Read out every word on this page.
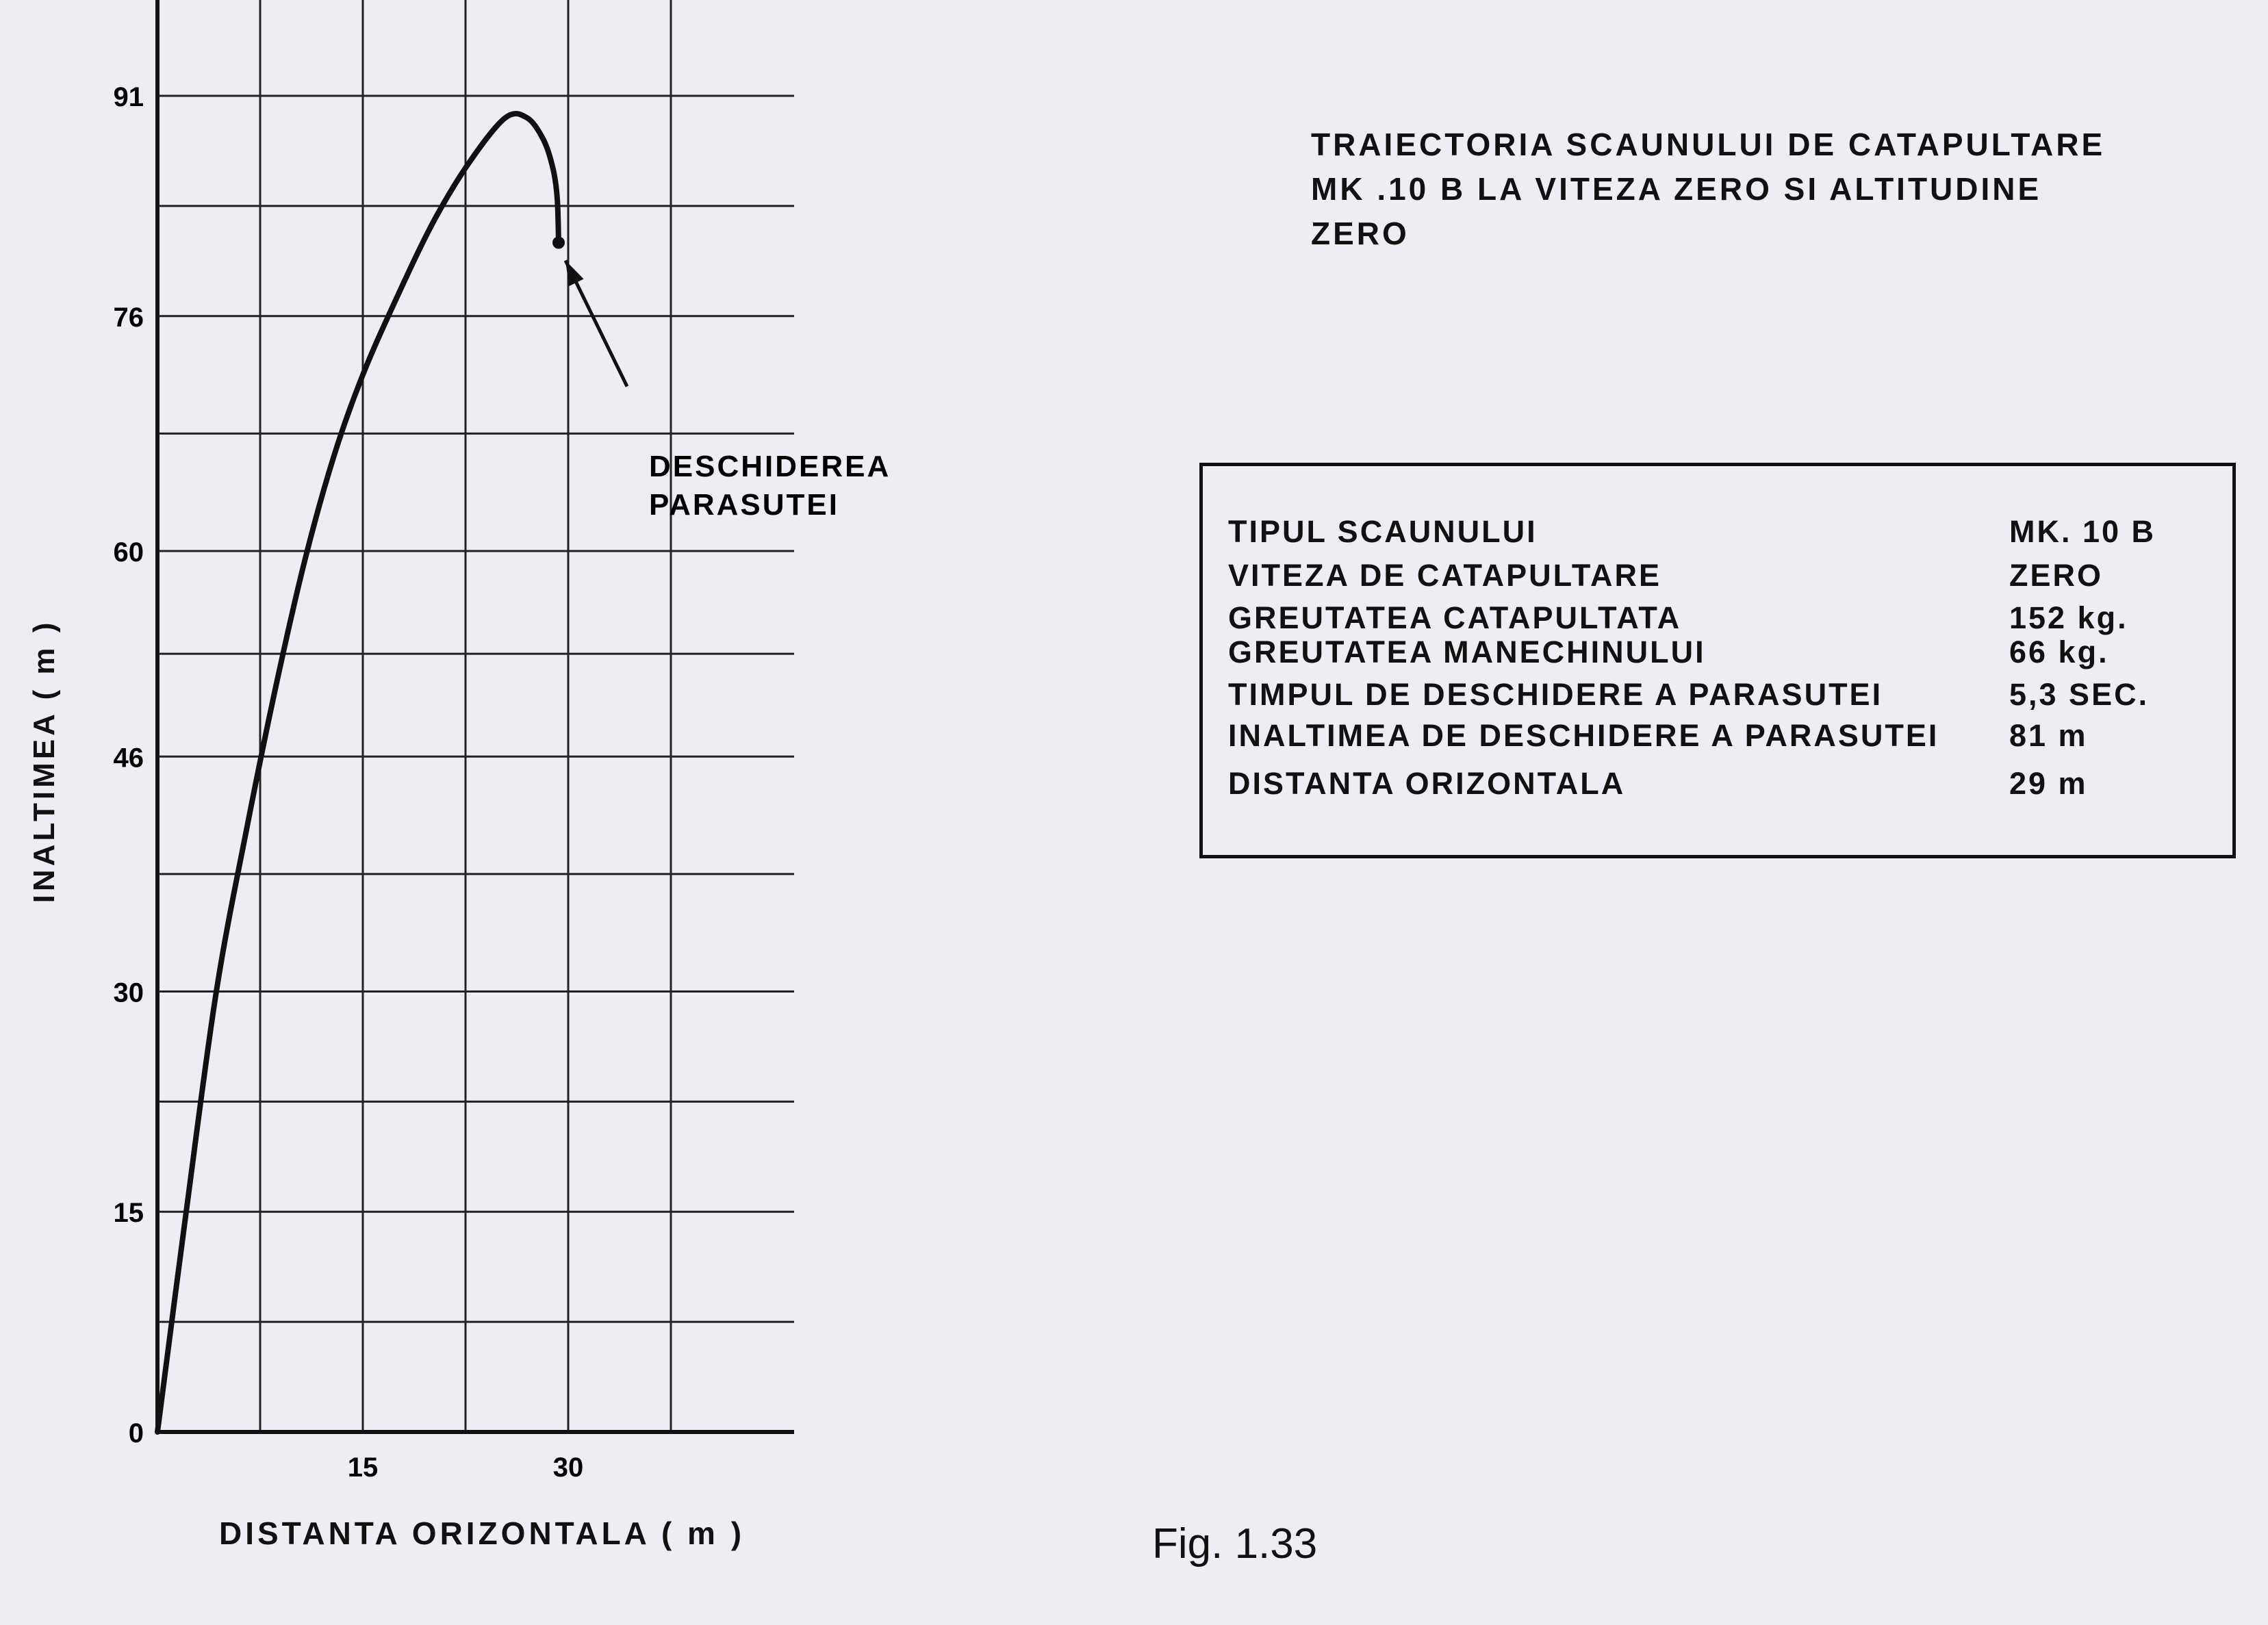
0
15
30
46
60
76
91
15	30
DESCHIDEREA
PARASUTEI
TRAIECTORIA SCAUNULUI DE CATAPULTARE
MK .10 B LA VITEZA ZERO SI ALTITUDINE
ZERO
TIPUL SCAUNULUI	MK. 10 B
VITEZA DE CATAPULTARE	ZERO
GREUTATEA CATAPULTATA	152 kg.
GREUTATEA MANECHINULUI	66 kg.
TIMPUL DE DESCHIDERE A PARASUTEI	5,3 SEC.
INALTIMEA DE DESCHIDERE A PARASUTEI 81 m
DISTANTA ORIZONTALA	29 m
INALTIMEA ( m )
DISTANTA ORIZONTALA ( m )	Fig. 1.33
